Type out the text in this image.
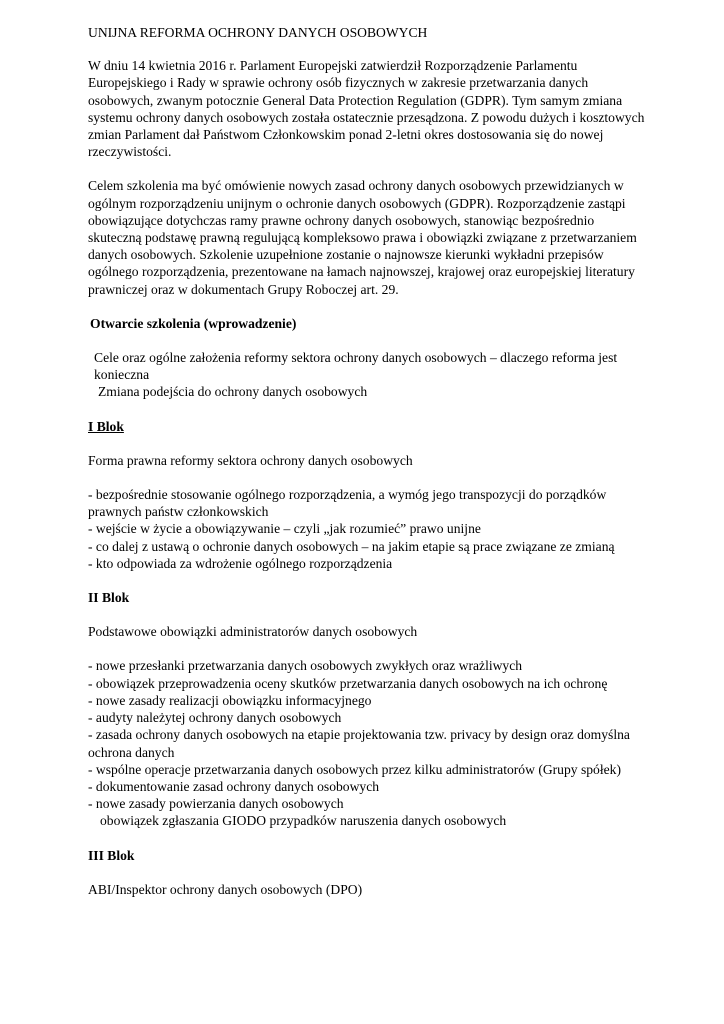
UNIJNA REFORMA OCHRONY DANYCH OSOBOWYCH

W dniu 14 kwietnia 2016 r. Parlament Europejski zatwierdził Rozporządzenie Parlamentu Europejskiego i Rady w sprawie ochrony osób fizycznych w zakresie przetwarzania danych osobowych, zwanym potocznie General Data Protection Regulation (GDPR). Tym samym zmiana systemu ochrony danych osobowych została ostatecznie przesądzona. Z powodu dużych i kosztowych zmian Parlament dał Państwom Członkowskim ponad 2-letni okres dostosowania się do nowej rzeczywistości.

Celem szkolenia ma być omówienie nowych zasad ochrony danych osobowych przewidzianych w ogólnym rozporządzeniu unijnym o ochronie danych osobowych (GDPR). Rozporządzenie zastąpi obowiązujące dotychczas ramy prawne ochrony danych osobowych, stanowiąc bezpośrednio skuteczną podstawę prawną regulującą kompleksowo prawa i obowiązki związane z przetwarzaniem danych osobowych. Szkolenie uzupełnione zostanie o najnowsze kierunki wykładni przepisów ogólnego rozporządzenia, prezentowane na łamach najnowszej, krajowej oraz europejskiej literatury prawniczej oraz w dokumentach Grupy Roboczej art. 29.

Otwarcie szkolenia (wprowadzenie)

Cele oraz ogólne założenia reformy sektora ochrony danych osobowych – dlaczego reforma jest konieczna

Zmiana podejścia do ochrony danych osobowych

I Blok

Forma prawna reformy sektora ochrony danych osobowych

- bezpośrednie stosowanie ogólnego rozporządzenia, a wymóg jego transpozycji do porządków prawnych państw członkowskich
- wejście w życie a obowiązywanie – czyli „jak rozumieć” prawo unijne
- co dalej z ustawą o ochronie danych osobowych – na jakim etapie są prace związane ze zmianą
- kto odpowiada za wdrożenie ogólnego rozporządzenia

II Blok

Podstawowe obowiązki administratorów danych osobowych

- nowe przesłanki przetwarzania danych osobowych zwykłych oraz wrażliwych
- obowiązek przeprowadzenia oceny skutków przetwarzania danych osobowych na ich ochronę
- nowe zasady realizacji obowiązku informacyjnego
- audyty należytej ochrony danych osobowych
- zasada ochrony danych osobowych na etapie projektowania tzw. privacy by design oraz domyślna ochrona danych
- wspólne operacje przetwarzania danych osobowych przez kilku administratorów (Grupy spółek)
- dokumentowanie zasad ochrony danych osobowych
- nowe zasady powierzania danych osobowych

obowiązek zgłaszania GIODO przypadków naruszenia danych osobowych

III Blok

ABI/Inspektor ochrony danych osobowych (DPO)
